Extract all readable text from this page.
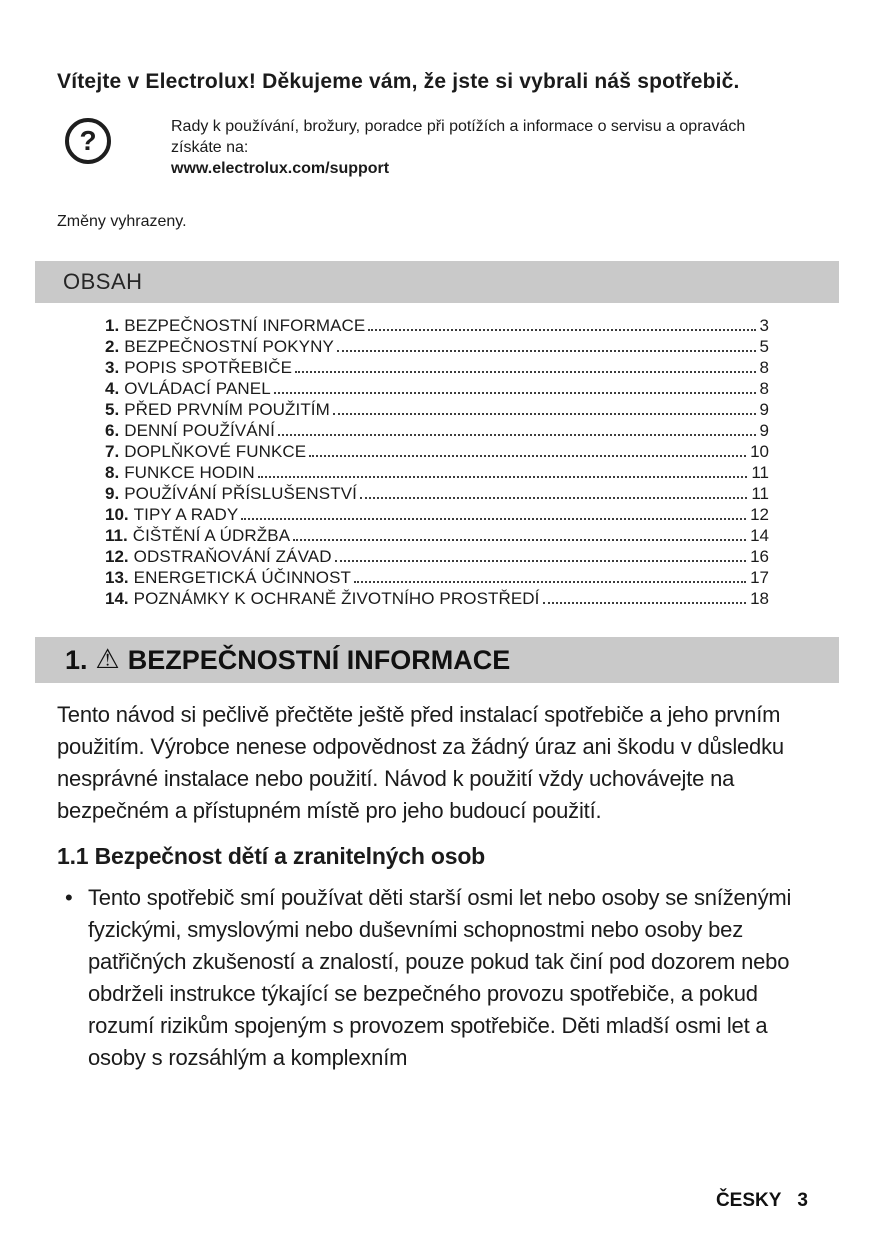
Vítejte v Electrolux! Děkujeme vám, že jste si vybrali náš spotřebič.
?	Rady k používání, brožury, poradce při potížích a informace o servisu a opravách získáte na:
www.electrolux.com/support

Změny vyhrazeny.

OBSAH
1. BEZPEČNOSTNÍ INFORMACE	3
2. BEZPEČNOSTNÍ POKYNY	5
3. POPIS SPOTŘEBIČE	8
4. OVLÁDACÍ PANEL	8
5. PŘED PRVNÍM POUŽITÍM	9
6. DENNÍ POUŽÍVÁNÍ	9
7. DOPLŇKOVÉ FUNKCE	10
8. FUNKCE HODIN	11
9. POUŽÍVÁNÍ PŘÍSLUŠENSTVÍ	11
10. TIPY A RADY	12
11. ČIŠTĚNÍ A ÚDRŽBA	14
12. ODSTRAŇOVÁNÍ ZÁVAD	16
13. ENERGETICKÁ ÚČINNOST	17
14. POZNÁMKY K OCHRANĚ ŽIVOTNÍHO PROSTŘEDÍ	18
1. ⚠ BEZPEČNOSTNÍ INFORMACE

Tento návod si pečlivě přečtěte ještě před instalací spotřebiče a jeho prvním použitím. Výrobce nenese odpovědnost za žádný úraz ani škodu v důsledku nesprávné instalace nebo použití. Návod k použití vždy uchovávejte na bezpečném a přístupném místě pro jeho budoucí použití.

1.1 Bezpečnost dětí a zranitelných osob
• Tento spotřebič smí používat děti starší osmi let nebo osoby se sníženými fyzickými, smyslovými nebo duševními schopnostmi nebo osoby bez patřičných zkušeností a znalostí, pouze pokud tak činí pod dozorem nebo obdrželi instrukce týkající se bezpečného provozu spotřebiče, a pokud rozumí rizikům spojeným s provozem spotřebiče. Děti mladší osmi let a osoby s rozsáhlým a komplexním
ČESKY 3
